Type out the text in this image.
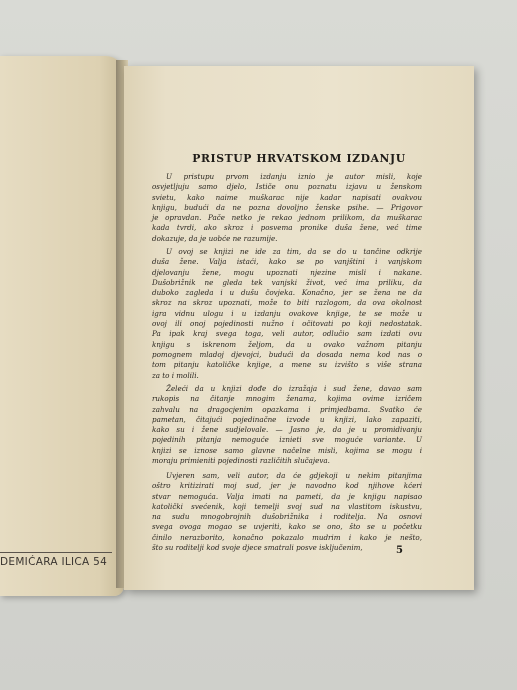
DEMIĆARA ILICA 54
PRISTUP HRVATSKOM IZDANJU
U pristupu prvom izdanju iznio je autor misli, koje
osvjetljuju samo djelo, Ističe onu poznatu izjavu u ženskom
svietu, kako naime muškarac nije kadar napisati ovakvou
knjigu, budući da ne pozna dovoljno ženske psihe. — Prigovor
je opravdan. Pače netko je rekao jednom prilikom, da muškarac
kada tvrdi, ako skroz i posvema pronike duša žene, već time
dokazuje, da je uobće ne razumije.
U ovoj se knjizi ne ide za tim, da se do u tančine odkrije
duša žene. Valja istaći, kako se po vanjštini i vanjskom
djelovanju žene, mogu upoznati njezine misli i nakane.
Dušobrižnik ne gleda tek vanjski život, već ima priliku, da
duboko zagleda i u dušu čovjeka. Konačno, jer se žena ne da
skroz na skroz upoznati, može to biti razlogom, da ova okolnost
igra vidnu ulogu i u izdanju ovakove knjige, te se može u
ovoj ili onoj pojedinosti nužno i očitovati po koji nedostatak.
Pa ipak kraj svega toga, veli autor, odlučio sam izdati ovu
knjigu s iskrenom željom, da u ovako važnom pitanju
pomognem mladoj djevojci, budući da dosada nema kod nas o
tom pitanju katoličke knjige, a mene su izvišto s više strana
za to i molili.
Želeći da u knjizi dođe do izražaja i sud žene, davao sam
rukopis na čitanje mnogim ženama, kojima ovime izričem
zahvalu na dragocjenim opazkama i primjedbama. Svatko će
pametan, čitajući pojedinačne izvode u knjizi, lako zapaziti,
kako su i žene sudjelovale. — Jasno je, da je u promidivanju
pojedinih pitanja nemoguće iznieti sve moguće variante. U
knjizi se iznose samo glavne načelne misli, kojima se mogu i
moraju primieniti pojedinosti različitih slučajeva.
Uvjeren sam, veli autor, da će gdjekoji u nekim pitanjima
oštro kritizirati moj sud, jer je navodno kod njihove kćeri
stvar nemoguća. Valja imati na pameti, da je knjigu napisao
katolički svećenik, koji temelji svoj sud na vlastitom iskustvu,
na sudu mnogobrojnih dušobrižnika i roditelja. Na osnovi
svega ovoga mogao se uvjeriti, kako se ono, što se u početku
činilo nerazborito, konačno pokazalo mudrim i kako je nešto,
što su roditelji kod svoje djece smatrali posve isključenim,	5
